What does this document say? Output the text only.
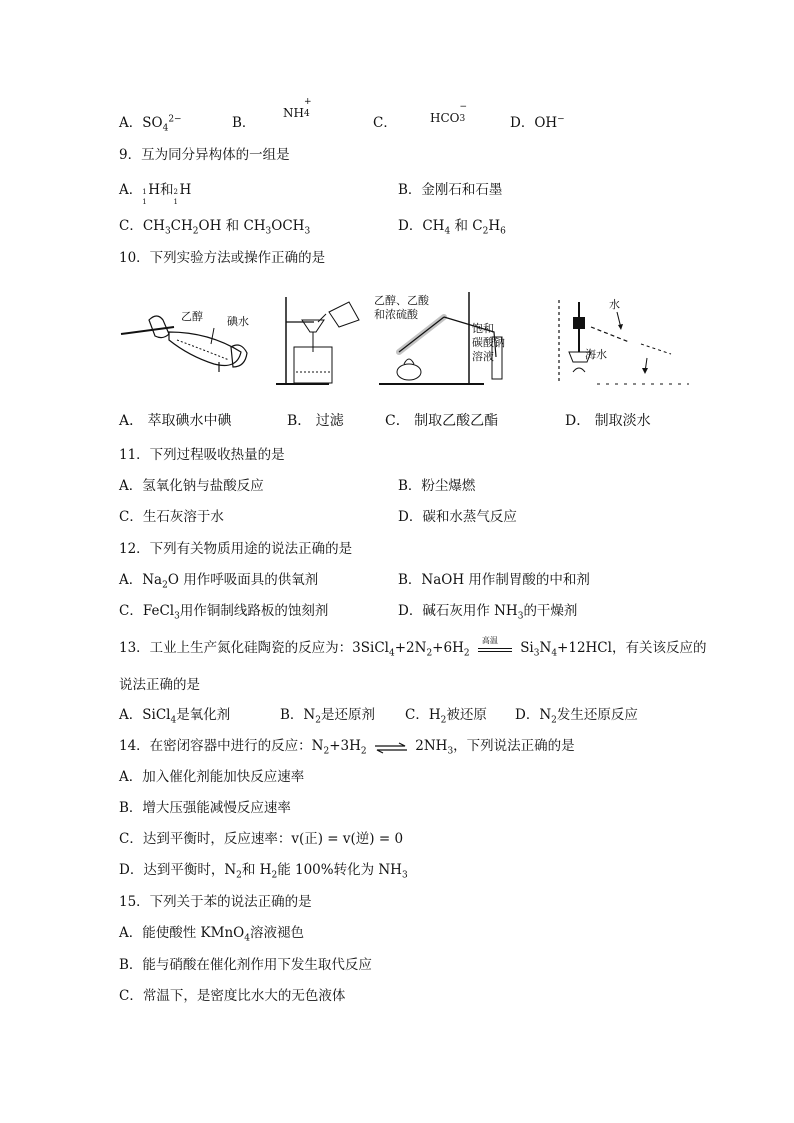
A．$SO_4^{2-}$	B．
NH
+
4
C．	HCO
−
3	D．OH−
9．互为同分异构体的一组是
A． 1
1
H和 2
1
H	B．金刚石和石墨
C．$CH_3CH_2OH$ 和 $CH_3OCH_3$	D．$CH_4$ 和 $C_2H_6$
10．下列实验方法或操作正确的是
乙醇 碘水
乙醇、乙酸
和浓硫酸
饱和
碳酸钠
溶液
水
海水
A． 萃取碘水中碘	B． 过滤	C． 制取乙酸乙酯	D． 制取淡水
11．下列过程吸收热量的是
A．氢氧化钠与盐酸反应	B．粉尘爆燃
C．生石灰溶于水	D．碳和水蒸气反应
12．下列有关物质用途的说法正确的是
A．$Na_2O$ 用作呼吸面具的供氧剂	B．NaOH 用作制胃酸的中和剂
C．FeCl$_3$用作铜制线路板的蚀刻剂	D．碱石灰用作 $NH_3$的干燥剂
13．工业上生产氮化硅陶瓷的反应为：$3SiCl_4+2N_2+6H_2$
高温 $Si_3N_4+12HCl$，有关该反应的
说法正确的是
A．SiCl$_4$是氧化剂	B．$N_2$是还原剂 C．$H_2$被还原 D．$N_2$发生还原反应
14．在密闭容器中进行的反应：$N_2+3H_2$ ⇌ $2NH_3$，下列说法正确的是
A．加入催化剂能加快反应速率
B．增大压强能减慢反应速率
C．达到平衡时，反应速率：v(正) = v(逆) = 0
D．达到平衡时，$N_2$和 $H_2$能 100%转化为 $NH_3$
15．下列关于苯的说法正确的是
A．能使酸性 KMnO$_4$溶液褪色
B．能与硝酸在催化剂作用下发生取代反应
C．常温下，是密度比水大的无色液体
